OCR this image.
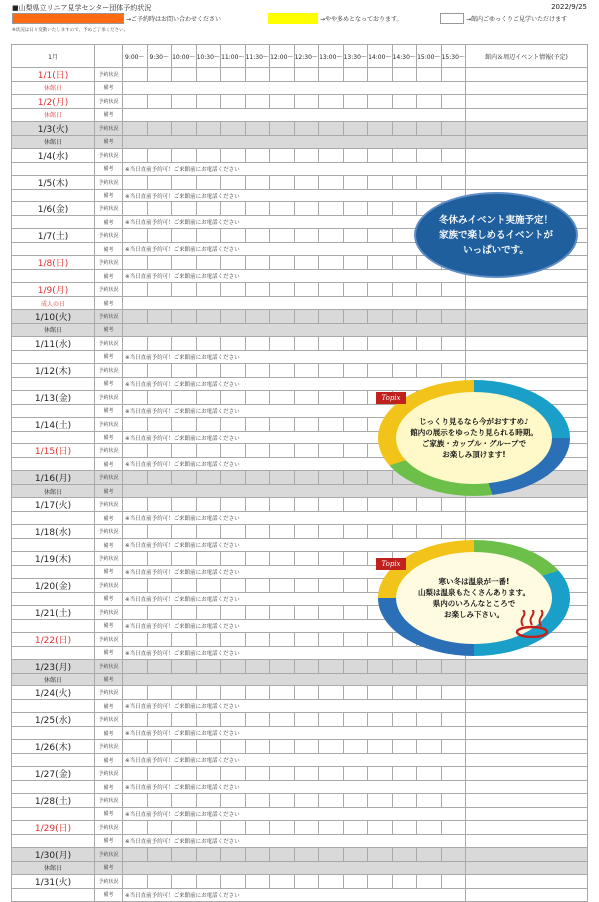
■山梨県立リニア見学センター団体予約状況	2022/9/25
→ご予約時はお問い合わせください	→やや多めとなっております。	→館内ごゆっくりご見学いただけます
※状況は日々変動いたしますので、予めご了承ください。
1月		9:00～	9:30～	10:00～	10:30～	11:00～	11:30～	12:00～	12:30～	13:00～	13:30～	14:00～	14:30～	15:00～	15:30～	館内＆周辺イベント情報(予定)
1/1(日)	予約状況															
休館日	備考															
1/2(月)	予約状況															
休館日	備考															
1/3(火)	予約状況															
休館日	備考															
1/4(水)	予約状況															
	備考	※当日直前予約可！ご来館前にお電話ください														
1/5(木)	予約状況															
	備考	※当日直前予約可！ご来館前にお電話ください														
1/6(金)	予約状況															
	備考	※当日直前予約可！ご来館前にお電話ください														
1/7(土)	予約状況															
	備考	※当日直前予約可！ご来館前にお電話ください														
1/8(日)	予約状況															
	備考	※当日直前予約可！ご来館前にお電話ください														
1/9(月)	予約状況															
成人の日	備考															
1/10(火)	予約状況															
休館日	備考															
1/11(水)	予約状況															
	備考	※当日直前予約可！ご来館前にお電話ください														
1/12(木)	予約状況															
	備考	※当日直前予約可！ご来館前にお電話ください														
1/13(金)	予約状況															
	備考	※当日直前予約可！ご来館前にお電話ください														
1/14(土)	予約状況															
	備考	※当日直前予約可！ご来館前にお電話ください														
1/15(日)	予約状況															
	備考	※当日直前予約可！ご来館前にお電話ください														
1/16(月)	予約状況															
休館日	備考															
1/17(火)	予約状況															
	備考	※当日直前予約可！ご来館前にお電話ください														
1/18(水)	予約状況															
	備考	※当日直前予約可！ご来館前にお電話ください														
1/19(木)	予約状況															
	備考	※当日直前予約可！ご来館前にお電話ください														
1/20(金)	予約状況															
	備考	※当日直前予約可！ご来館前にお電話ください														
1/21(土)	予約状況															
	備考	※当日直前予約可！ご来館前にお電話ください														
1/22(日)	予約状況															
	備考	※当日直前予約可！ご来館前にお電話ください														
1/23(月)	予約状況															
休館日	備考															
1/24(火)	予約状況															
	備考	※当日直前予約可！ご来館前にお電話ください														
1/25(水)	予約状況															
	備考	※当日直前予約可！ご来館前にお電話ください														
1/26(木)	予約状況															
	備考	※当日直前予約可！ご来館前にお電話ください														
1/27(金)	予約状況															
	備考	※当日直前予約可！ご来館前にお電話ください														
1/28(土)	予約状況															
	備考	※当日直前予約可！ご来館前にお電話ください														
1/29(日)	予約状況															
	備考	※当日直前予約可！ご来館前にお電話ください														
1/30(月)	予約状況															
休館日	備考															
1/31(火)	予約状況															
	備考	※当日直前予約可！ご来館前にお電話ください														
冬休みイベント実施予定！
家族で楽しめるイベントが
いっぱいです。
じっくり見るなら今がおすすめ♪
館内の展示をゆったり見られる時期。
ご家族・カップル・グループで
お楽しみ頂けます!
Topix
寒い冬は温泉が一番!
山梨は温泉もたくさんあります。
県内のいろんなところで
お楽しみ下さい。
Topix
